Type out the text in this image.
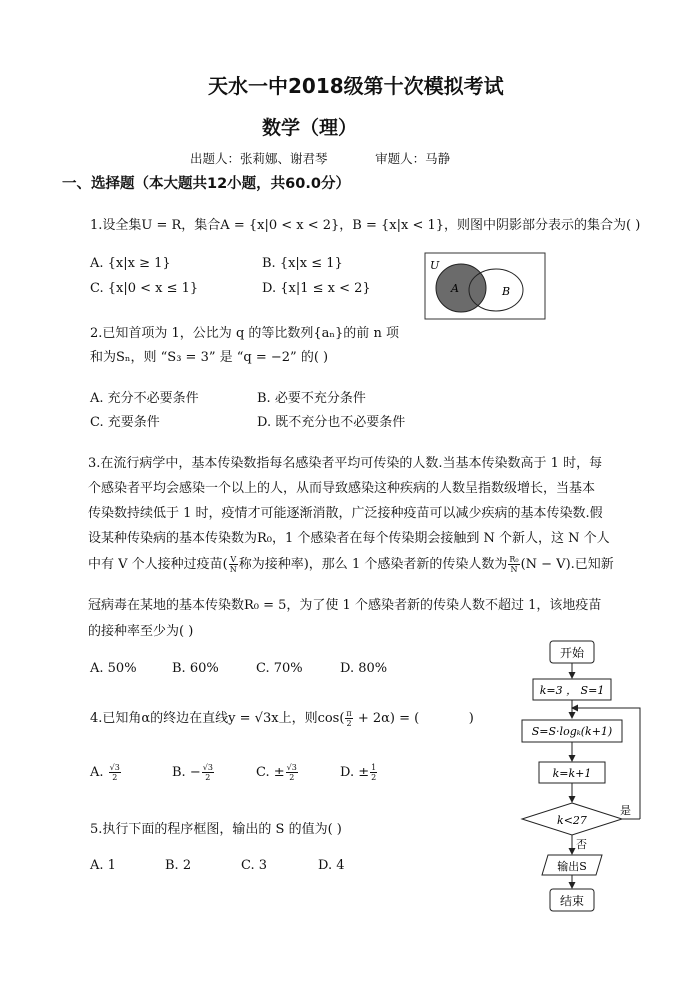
天水一中2018级第十次模拟考试
数学（理）
出题人：张莉娜、谢君琴            审题人：马静
一、选择题（本大题共12小题，共60.0分）
1.设全集U = R，集合A = {x|0 < x < 2}，B = {x|x < 1}，则图中阴影部分表示的集合为( )
A. {x|x ≥ 1}	B. {x|x ≤ 1}
C. {x|0 < x ≤ 1}	D. {x|1 ≤ x < 2}
U
A	B
2.已知首项为 1，公比为 q 的等比数列{aₙ}的前 n 项
和为Sₙ，则 “S₃ = 3” 是 “q = −2” 的( )
A. 充分不必要条件	B. 必要不充分条件
C. 充要条件	D. 既不充分也不必要条件
3.在流行病学中，基本传染数指每名感染者平均可传染的人数.当基本传染数高于 1 时，每
个感染者平均会感染一个以上的人，从而导致感染这种疾病的人数呈指数级增长，当基本
传染数持续低于 1 时，疫情才可能逐渐消散，广泛接种疫苗可以减少疾病的基本传染数.假
设某种传染病的基本传染数为R₀，1 个感染者在每个传染期会接触到 N 个新人，这 N 个人
中有 V 个人接种过疫苗( $\frac{V}{N}$ 称为接种率)，那么 1 个感染者新的传染人数为 $\frac{\text{R₀}}{N} (N - V)$.已知新
冠病毒在某地的基本传染数R₀ = 5，为了使 1 个感染者新的传染人数不超过 1，该地疫苗
的接种率至少为( )
A. 50%	B. 60%	C. 70%	D. 80%
4.已知角α的终边在直线y = √3x上，则$\cos( \frac{\pi}{2} + 2\alpha)$ = (            )
A. $\frac{√3}{2}$	B. − $\frac{√3}{2}$	C. ± $\frac{√3}{2}$	D. ± $\frac{1}{2}$
5.执行下面的程序框图，输出的 S 的值为( )
A. 1	B. 2	C. 3	D. 4
开始
k=3 ， S=1
S=S·logₖ(k+1)
k=k+1
k<27
是
否
输出S
结束
